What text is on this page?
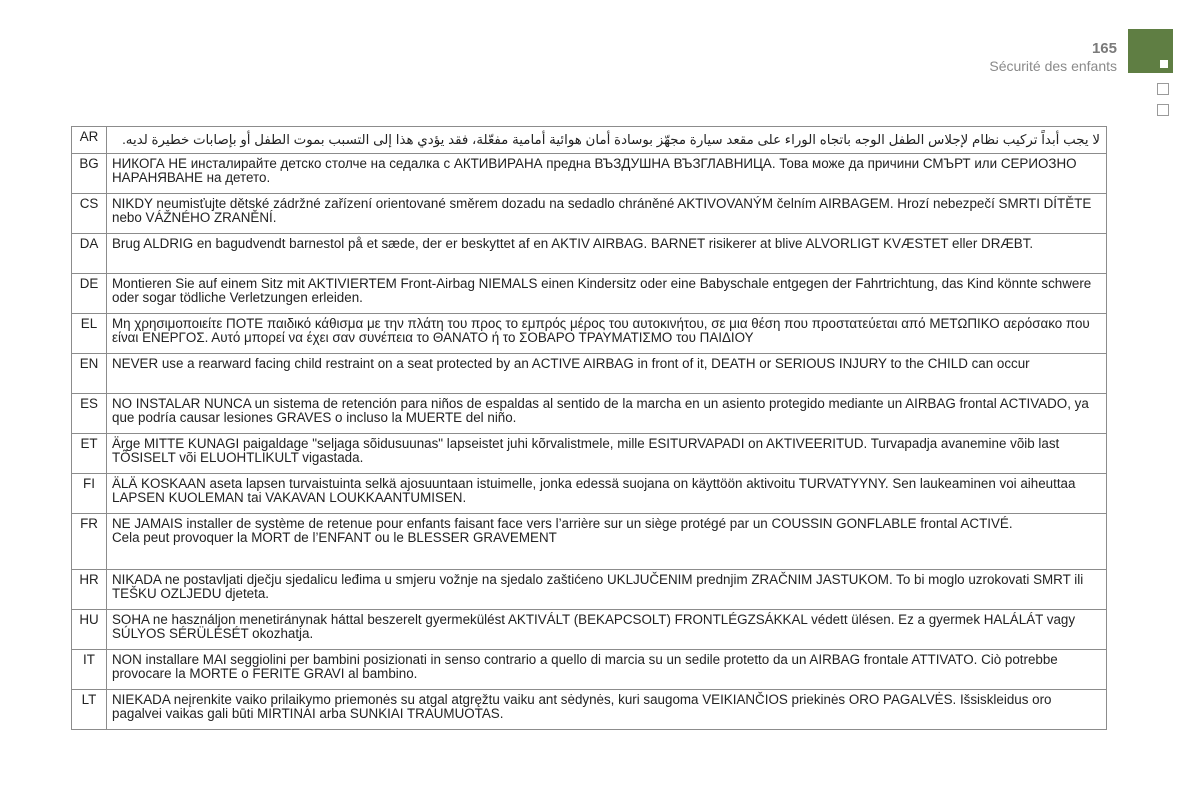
165
Sécurité des enfants
AR	لا يجب أبداً تركيب نظام لإجلاس الطفل الوجه باتجاه الوراء على مقعد سيارة مجهّز بوسادة أمان هوائية أمامية مفعّلة، فقد يؤدي هذا إلى التسبب بموت الطفل أو بإصابات خطيرة لديه.
BG	НИКОГА НЕ инсталирайте детско столче на седалка с АКТИВИРАНА предна ВЪЗДУШНА ВЪЗГЛАВНИЦА. Това може да причини СМЪРТ или СЕРИОЗНО НАРАНЯВАНЕ на детето.
CS	NIKDY neumisťujte dětské zádržné zařízení orientované směrem dozadu na sedadlo chráněné AKTIVOVANÝM čelním AIRBAGEM. Hrozí nebezpečí SMRTI DÍTĚTE nebo VÁŽNÉHO ZRANĚNÍ.
DA	Brug ALDRIG en bagudvendt barnestol på et sæde, der er beskyttet af en AKTIV AIRBAG. BARNET risikerer at blive ALVORLIGT KVÆSTET eller DRÆBT.
DE	Montieren Sie auf einem Sitz mit AKTIVIERTEM Front-Airbag NIEMALS einen Kindersitz oder eine Babyschale entgegen der Fahrtrichtung, das Kind könnte schwere oder sogar tödliche Verletzungen erleiden.
EL	Μη χρησιμοποιείτε ΠΟΤΕ παιδικό κάθισμα με την πλάτη του προς το εμπρός μέρος του αυτοκινήτου, σε μια θέση που προστατεύεται από ΜΕΤΩΠΙΚΟ αερόσακο που είναι ΕΝΕΡΓΟΣ. Αυτό μπορεί να έχει σαν συνέπεια το ΘΑΝΑΤΟ ή το ΣΟΒΑΡΟ ΤΡΑΥΜΑΤΙΣΜΟ του ΠΑΙΔΙΟΥ
EN	NEVER use a rearward facing child restraint on a seat protected by an ACTIVE AIRBAG in front of it, DEATH or SERIOUS INJURY to the CHILD can occur
ES	NO INSTALAR NUNCA un sistema de retención para niños de espaldas al sentido de la marcha en un asiento protegido mediante un AIRBAG frontal ACTIVADO, ya que podría causar lesiones GRAVES o incluso la MUERTE del niño.
ET	Ärge MITTE KUNAGI paigaldage "seljaga sõidusuunas" lapseistet juhi kõrvalistmele, mille ESITURVAPADI on AKTIVEERITUD. Turvapadja avanemine võib last TÕSISELT või ELUOHTLIKULT vigastada.
FI	ÄLÄ KOSKAAN aseta lapsen turvaistuinta selkä ajosuuntaan istuimelle, jonka edessä suojana on käyttöön aktivoitu TURVATYYNY. Sen laukeaminen voi aiheuttaa LAPSEN KUOLEMAN tai VAKAVAN LOUKKAANTUMISEN.
FR	NE JAMAIS installer de système de retenue pour enfants faisant face vers l’arrière sur un siège protégé par un COUSSIN GONFLABLE frontal ACTIVÉ.
Cela peut provoquer la MORT de l’ENFANT ou le BLESSER GRAVEMENT
HR	NIKADA ne postavljati dječju sjedalicu leđima u smjeru vožnje na sjedalo zaštićeno UKLJUČENIM prednjim ZRAČNIM JASTUKOM. To bi moglo uzrokovati SMRT ili TEŠKU OZLJEDU djeteta.
HU	SOHA ne használjon menetiránynak háttal beszerelt gyermekülést AKTIVÁLT (BEKAPCSOLT) FRONTLÉGZSÁKKAL védett ülésen. Ez a gyermek HALÁLÁT vagy SÚLYOS SÉRÜLÉSÉT okozhatja.
IT	NON installare MAI seggiolini per bambini posizionati in senso contrario a quello di marcia su un sedile protetto da un AIRBAG frontale ATTIVATO. Ciò potrebbe provocare la MORTE o FERITE GRAVI al bambino.
LT	NIEKADA neįrenkite vaiko prilaikymo priemonės su atgal atgręžtu vaiku ant sėdynės, kuri saugoma VEIKIANČIOS priekinės ORO PAGALVĖS. Išsiskleidus oro pagalvei vaikas gali būti MIRTINAI arba SUNKIAI TRAUMUOTAS.
